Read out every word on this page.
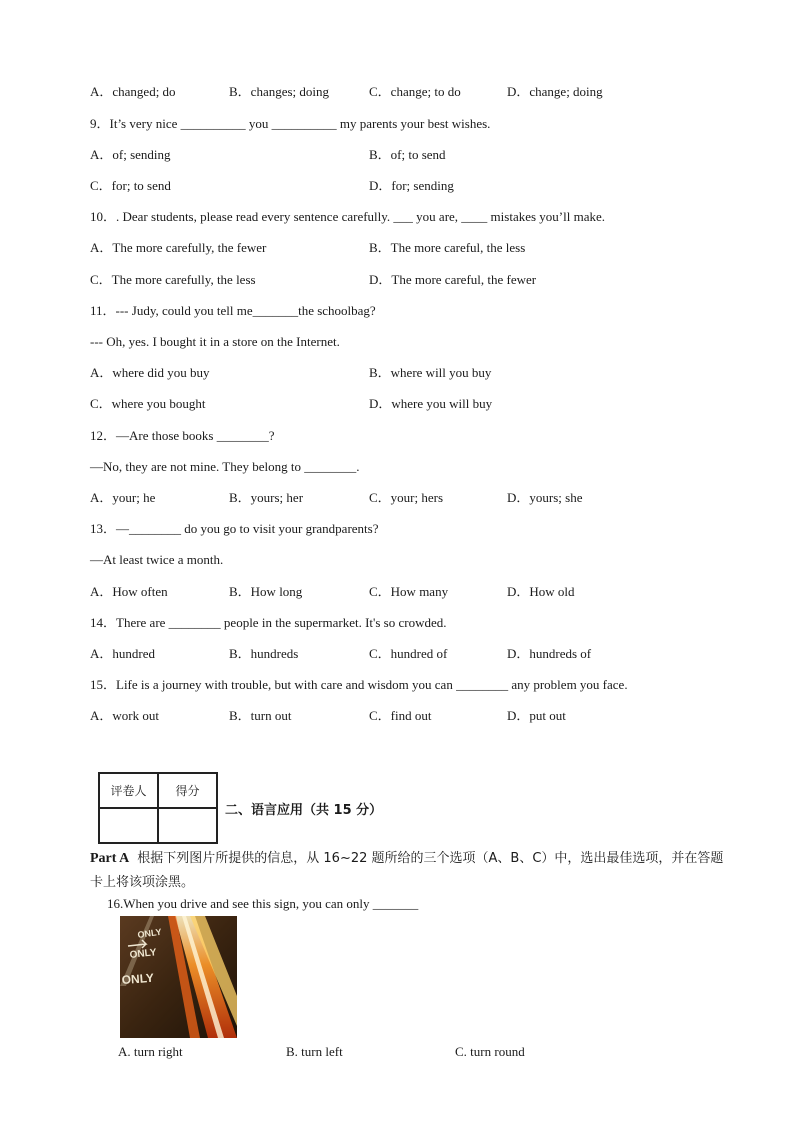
A．changed; do	B．changes; doing	C．change; to do	D．change; doing
9．It’s very nice __________ you __________ my parents your best wishes.
A．of; sending	B．of; to send
C．for; to send	D．for; sending
10．. Dear students, please read every sentence carefully. ___ you are, ____ mistakes you’ll make.
A．The more carefully, the fewer	B．The more careful, the less
C．The more carefully, the less	D．The more careful, the fewer
11．--- Judy, could you tell me_______the schoolbag?
--- Oh, yes. I bought it in a store on the Internet.
A．where did you buy	B．where will you buy
C．where you bought	D．where you will buy
12．—Are those books ________?
—No, they are not mine. They belong to ________.
A．your; he	B．yours; her	C．your; hers	D．yours; she
13．—________ do you go to visit your grandparents?
—At least twice a month.
A．How often	B．How long	C．How many	D．How old
14．There are ________ people in the supermarket. It's so crowded.
A．hundred	B．hundreds	C．hundred of	D．hundreds of
15．Life is a journey with trouble, but with care and wisdom you can ________ any problem you face.
A．work out	B．turn out	C．find out	D．put out
评卷人	得分

二、语言应用（共 15 分）
Part A 根据下列图片所提供的信息，从 16~22 题所给的三个选项（A、B、C）中，选出最佳选项，并在答题卡上将该项涂黑。
16.When you drive and see this sign, you can only _______
ONLY
ONLY
ONLY
A. turn right	B. turn left	C. turn round
